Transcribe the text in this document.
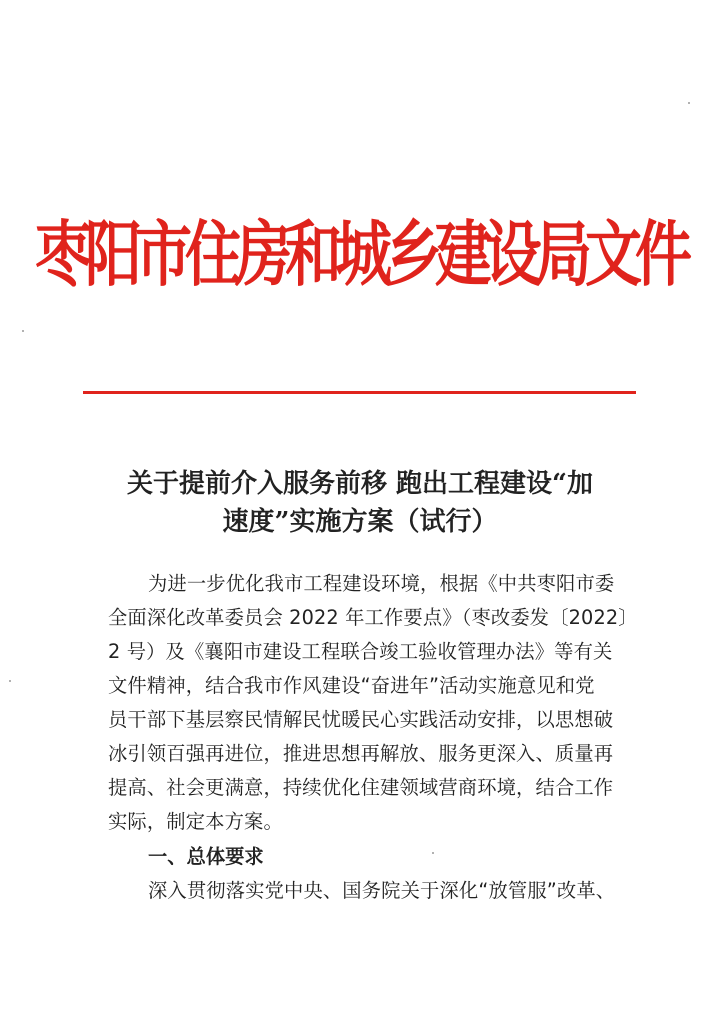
枣阳市住房和城乡建设局文件
关于提前介入服务前移 跑出工程建设“加
速度”实施方案（试行）
为进一步优化我市工程建设环境，根据《中共枣阳市委
全面深化改革委员会 2022 年工作要点》（枣改委发〔2022〕
2 号）及《襄阳市建设工程联合竣工验收管理办法》等有关
文件精神，结合我市作风建设“奋进年”活动实施意见和党
员干部下基层察民情解民忧暖民心实践活动安排，以思想破
冰引领百强再进位，推进思想再解放、服务更深入、质量再
提高、社会更满意，持续优化住建领域营商环境，结合工作
实际，制定本方案。
一、总体要求
深入贯彻落实党中央、国务院关于深化“放管服”改革、
